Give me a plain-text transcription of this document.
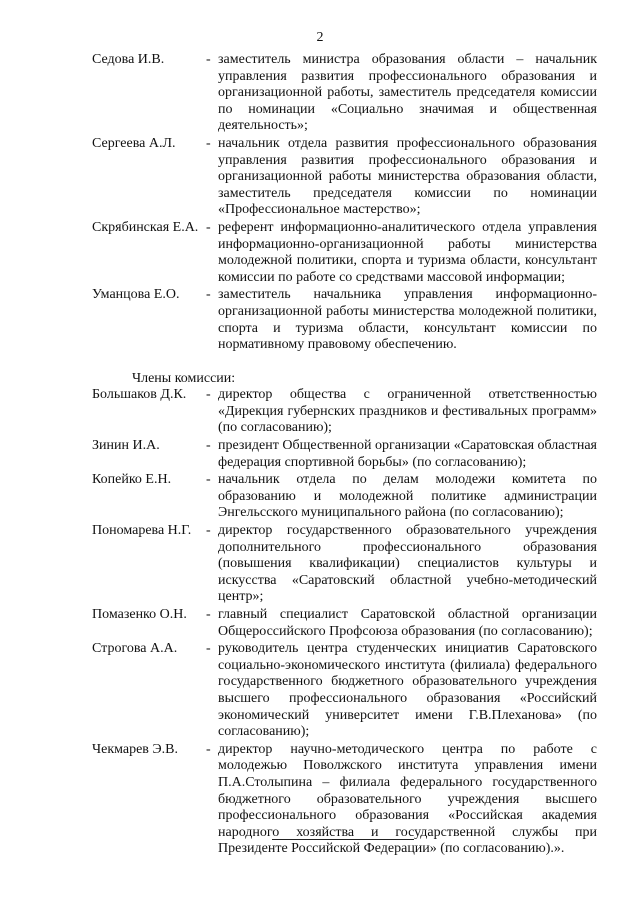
2
Седова И.В.	- заместитель министра образования области – начальник управления развития профессионального образования и организационной работы, заместитель председателя комиссии по номинации «Социально значимая и общественная деятельность»;
Сергеева А.Л.	- начальник отдела развития профессионального образования управления развития профессионального образования и организационной работы министерства образования области, заместитель председателя комиссии по номинации «Профессиональное мастерство»;
Скрябинская Е.А. - референт информационно-аналитического отдела управления информационно-организационной работы министерства молодежной политики, спорта и туризма области, консультант комиссии по работе со средствами массовой информации;
Уманцова Е.О.	- заместитель начальника управления информационно-организационной работы министерства молодежной политики, спорта и туризма области, консультант комиссии по нормативному правовому обеспечению.
Члены комиссии:
Большаков Д.К.	- директор общества с ограниченной ответственностью «Дирекция губернских праздников и фестивальных программ» (по согласованию);
Зинин И.А.	- президент Общественной организации «Саратовская областная федерация спортивной борьбы» (по согласованию);
Копейко Е.Н.	- начальник отдела по делам молодежи комитета по образованию и молодежной политике администрации Энгельсского муниципального района (по согласованию);
Пономарева Н.Г.	- директор государственного образовательного учреждения дополнительного профессионального образования (повышения квалификации) специалистов культуры и искусства «Саратовский областной учебно-методический центр»;
Помазенко О.Н.	- главный специалист Саратовской областной организации Общероссийского Профсоюза образования (по согласованию);
Строгова А.А.	- руководитель центра студенческих инициатив Саратовского социально-экономического института (филиала) федерального государственного бюджетного образовательного учреждения высшего профессионального образования «Российский экономический университет имени Г.В.Плеханова» (по согласованию);
Чекмарев Э.В.	- директор научно-методического центра по работе с молодежью Поволжского института управления имени П.А.Столыпина – филиала федерального государственного бюджетного образовательного учреждения высшего профессионального образования «Российская академия народного хозяйства и государственной службы при Президенте Российской Федерации» (по согласованию).».
